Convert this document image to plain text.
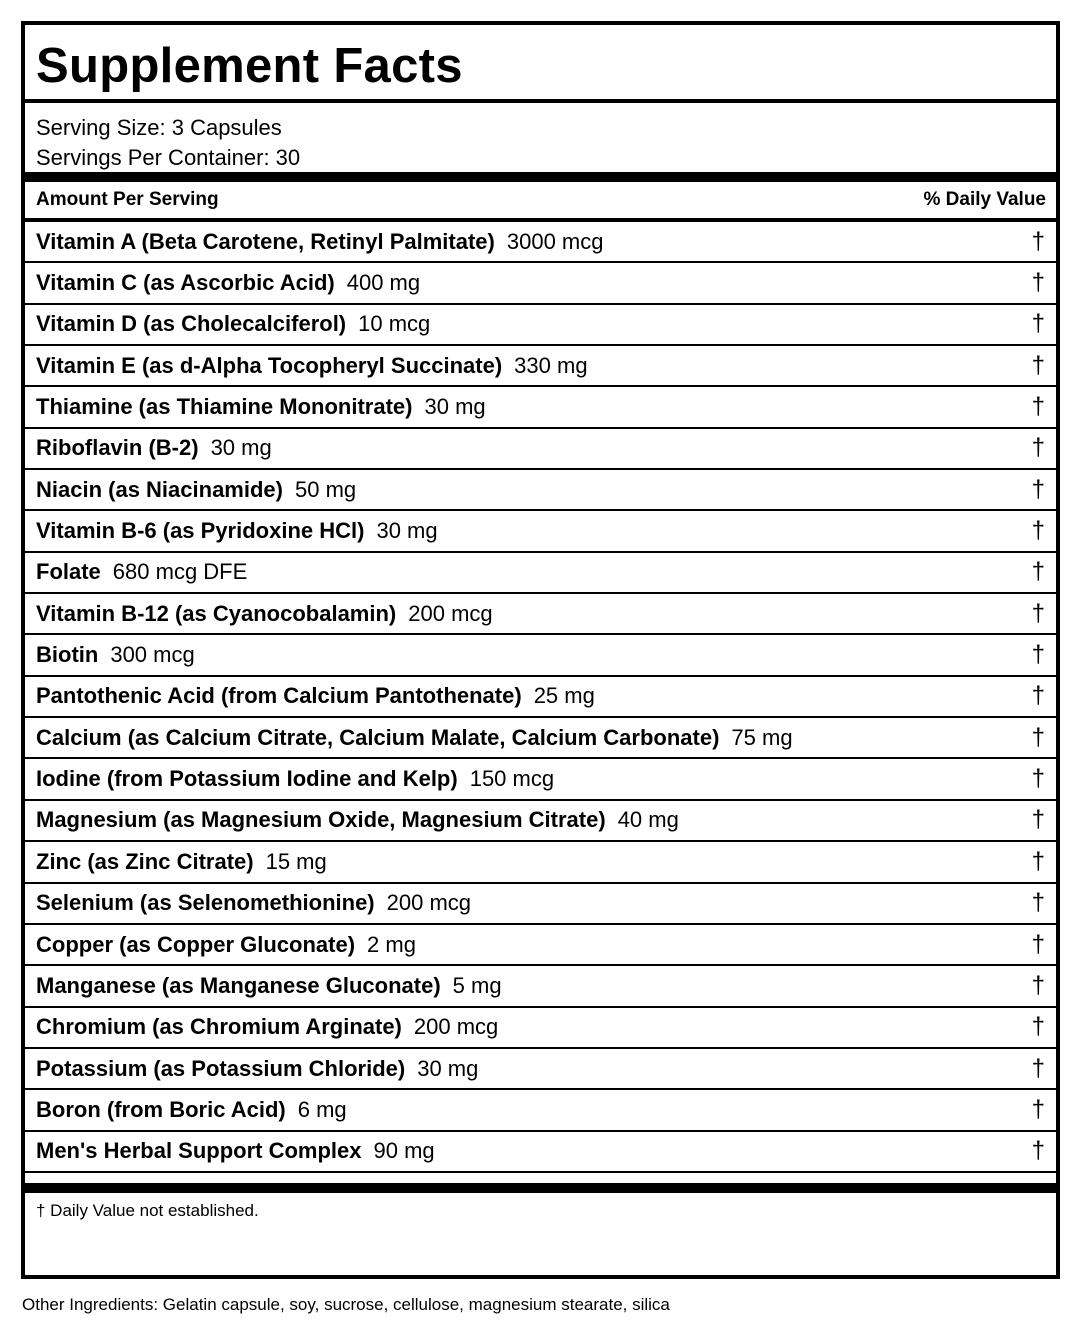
Supplement Facts
Serving Size: 3 Capsules
Servings Per Container: 30
Amount Per Serving	% Daily Value
Vitamin A (Beta Carotene, Retinyl Palmitate) 3000 mcg	†
Vitamin C (as Ascorbic Acid) 400 mg	†
Vitamin D (as Cholecalciferol) 10 mcg	†
Vitamin E (as d-Alpha Tocopheryl Succinate) 330 mg	†
Thiamine (as Thiamine Mononitrate) 30 mg	†
Riboflavin (B-2) 30 mg	†
Niacin (as Niacinamide) 50 mg	†
Vitamin B-6 (as Pyridoxine HCl) 30 mg	†
Folate 680 mcg DFE	†
Vitamin B-12 (as Cyanocobalamin) 200 mcg	†
Biotin 300 mcg	†
Pantothenic Acid (from Calcium Pantothenate) 25 mg	†
Calcium (as Calcium Citrate, Calcium Malate, Calcium Carbonate) 75 mg	†
Iodine (from Potassium Iodine and Kelp) 150 mcg	†
Magnesium (as Magnesium Oxide, Magnesium Citrate) 40 mg	†
Zinc (as Zinc Citrate) 15 mg	†
Selenium (as Selenomethionine) 200 mcg	†
Copper (as Copper Gluconate) 2 mg	†
Manganese (as Manganese Gluconate) 5 mg	†
Chromium (as Chromium Arginate) 200 mcg	†
Potassium (as Potassium Chloride) 30 mg	†
Boron (from Boric Acid) 6 mg	†
Men's Herbal Support Complex 90 mg	†
† Daily Value not established.
Other Ingredients: Gelatin capsule, soy, sucrose, cellulose, magnesium stearate, silica
